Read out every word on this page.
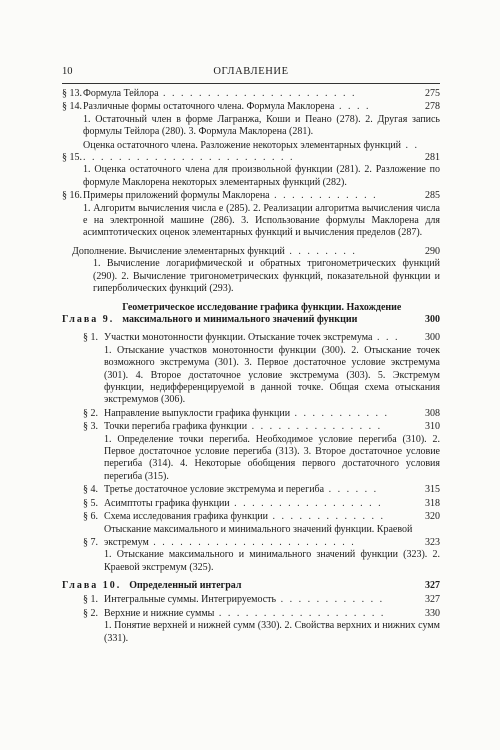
10	ОГЛАВЛЕНИЕ
§ 13. Формула Тейлора . . . . . . . . . . . . . . . . . . . . . .	275
§ 14. Различные формы остаточного члена. Формула Маклорена . . . .	278
1. Остаточный член в форме Лагранжа, Коши и Пеано (278). 2. Другая запись формулы Тейлора (280). 3. Формула Маклорена (281).
§ 15.
Оценка остаточного члена. Разложение некоторых элементарных функций . . . . . . . . . . . . . . . . . . . . . . . . . .	281
1. Оценка остаточного члена для произвольной функции (281). 2. Разложение по формуле Маклорена некоторых элементарных функций (282).
§ 16. Примеры приложений формулы Маклорена . . . . . . . . . . . .	285
1. Алгоритм вычисления числа e (285). 2. Реализации алгоритма вычисления числа e на электронной машине (286). 3. Использование формулы Маклорена для асимптотических оценок элементарных функций и вычисления пределов (287).
Дополнение. Вычисление элементарных функций . . . . . . . .	290
1. Вычисление логарифмической и обратных тригонометрических функций (290). 2. Вычисление тригонометрических функций, показательной функции и гиперболических функций (293).
Глава 9.
Геометрическое исследование графика функции. Нахождение максимального и минимального значений функции	300
§ 1. Участки монотонности функции. Отыскание точек экстремума . . .	300
1. Отыскание участков монотонности функции (300). 2. Отыскание точек возможного экстремума (301). 3. Первое достаточное условие экстремума (301). 4. Второе достаточное условие экстремума (303). 5. Экстремум функции, недифференцируемой в данной точке. Общая схема отыскания экстремумов (306).
§ 2. Направление выпуклости графика функции . . . . . . . . . . .	308
§ 3. Точки перегиба графика функции . . . . . . . . . . . . . . .	310
1. Определение точки перегиба. Необходимое условие перегиба (310). 2. Первое достаточное условие перегиба (313). 3. Второе достаточное условие перегиба (314). 4. Некоторые обобщения первого достаточного условия перегиба (315).
§ 4. Третье достаточное условие экстремума и перегиба . . . . . .	315
§ 5. Асимптоты графика функции . . . . . . . . . . . . . . . . .	318
§ 6. Схема исследования графика функции . . . . . . . . . . . . .	320
§ 7.
Отыскание максимального и минимального значений функции. Краевой экстремум . . . . . . . . . . . . . . . . . . . . . . .	323
1. Отыскание максимального и минимального значений функции (323). 2. Краевой экстремум (325).
Глава 10. Определенный интеграл	327
§ 1. Интегральные суммы. Интегрируемость . . . . . . . . . . . .	327
§ 2. Верхние и нижние суммы . . . . . . . . . . . . . . . . . . .	330
1. Понятие верхней и нижней сумм (330). 2. Свойства верхних и нижних сумм (331).
